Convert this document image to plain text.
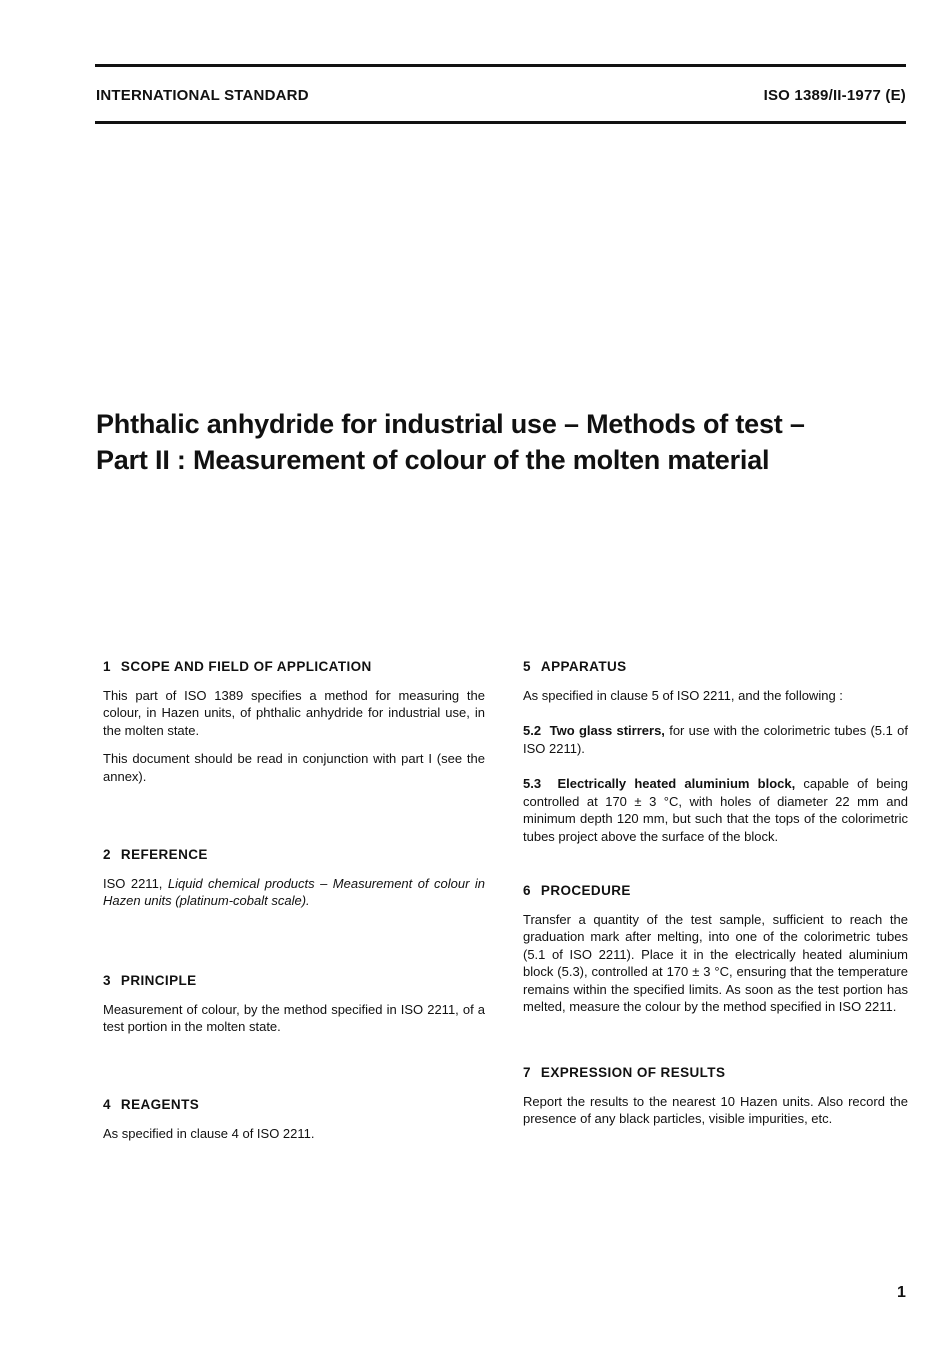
INTERNATIONAL STANDARD	ISO 1389/II-1977 (E)
Phthalic anhydride for industrial use – Methods of test –
Part II : Measurement of colour of the molten material
1 SCOPE AND FIELD OF APPLICATION

This part of ISO 1389 specifies a method for measuring the colour, in Hazen units, of phthalic anhydride for industrial use, in the molten state.

This document should be read in conjunction with part I (see the annex).

2 REFERENCE

ISO 2211, Liquid chemical products – Measurement of colour in Hazen units (platinum-cobalt scale).

3 PRINCIPLE

Measurement of colour, by the method specified in ISO 2211, of a test portion in the molten state.

4 REAGENTS

As specified in clause 4 of ISO 2211.

5 APPARATUS

As specified in clause 5 of ISO 2211, and the following :

5.2 Two glass stirrers, for use with the colorimetric tubes (5.1 of ISO 2211).

5.3 Electrically heated aluminium block, capable of being controlled at 170 ± 3 °C, with holes of diameter 22 mm and minimum depth 120 mm, but such that the tops of the colorimetric tubes project above the surface of the block.

6 PROCEDURE

Transfer a quantity of the test sample, sufficient to reach the graduation mark after melting, into one of the colorimetric tubes (5.1 of ISO 2211). Place it in the electrically heated aluminium block (5.3), controlled at 170 ± 3 °C, ensuring that the temperature remains within the specified limits. As soon as the test portion has melted, measure the colour by the method specified in ISO 2211.

7 EXPRESSION OF RESULTS

Report the results to the nearest 10 Hazen units. Also record the presence of any black particles, visible impurities, etc.

1
